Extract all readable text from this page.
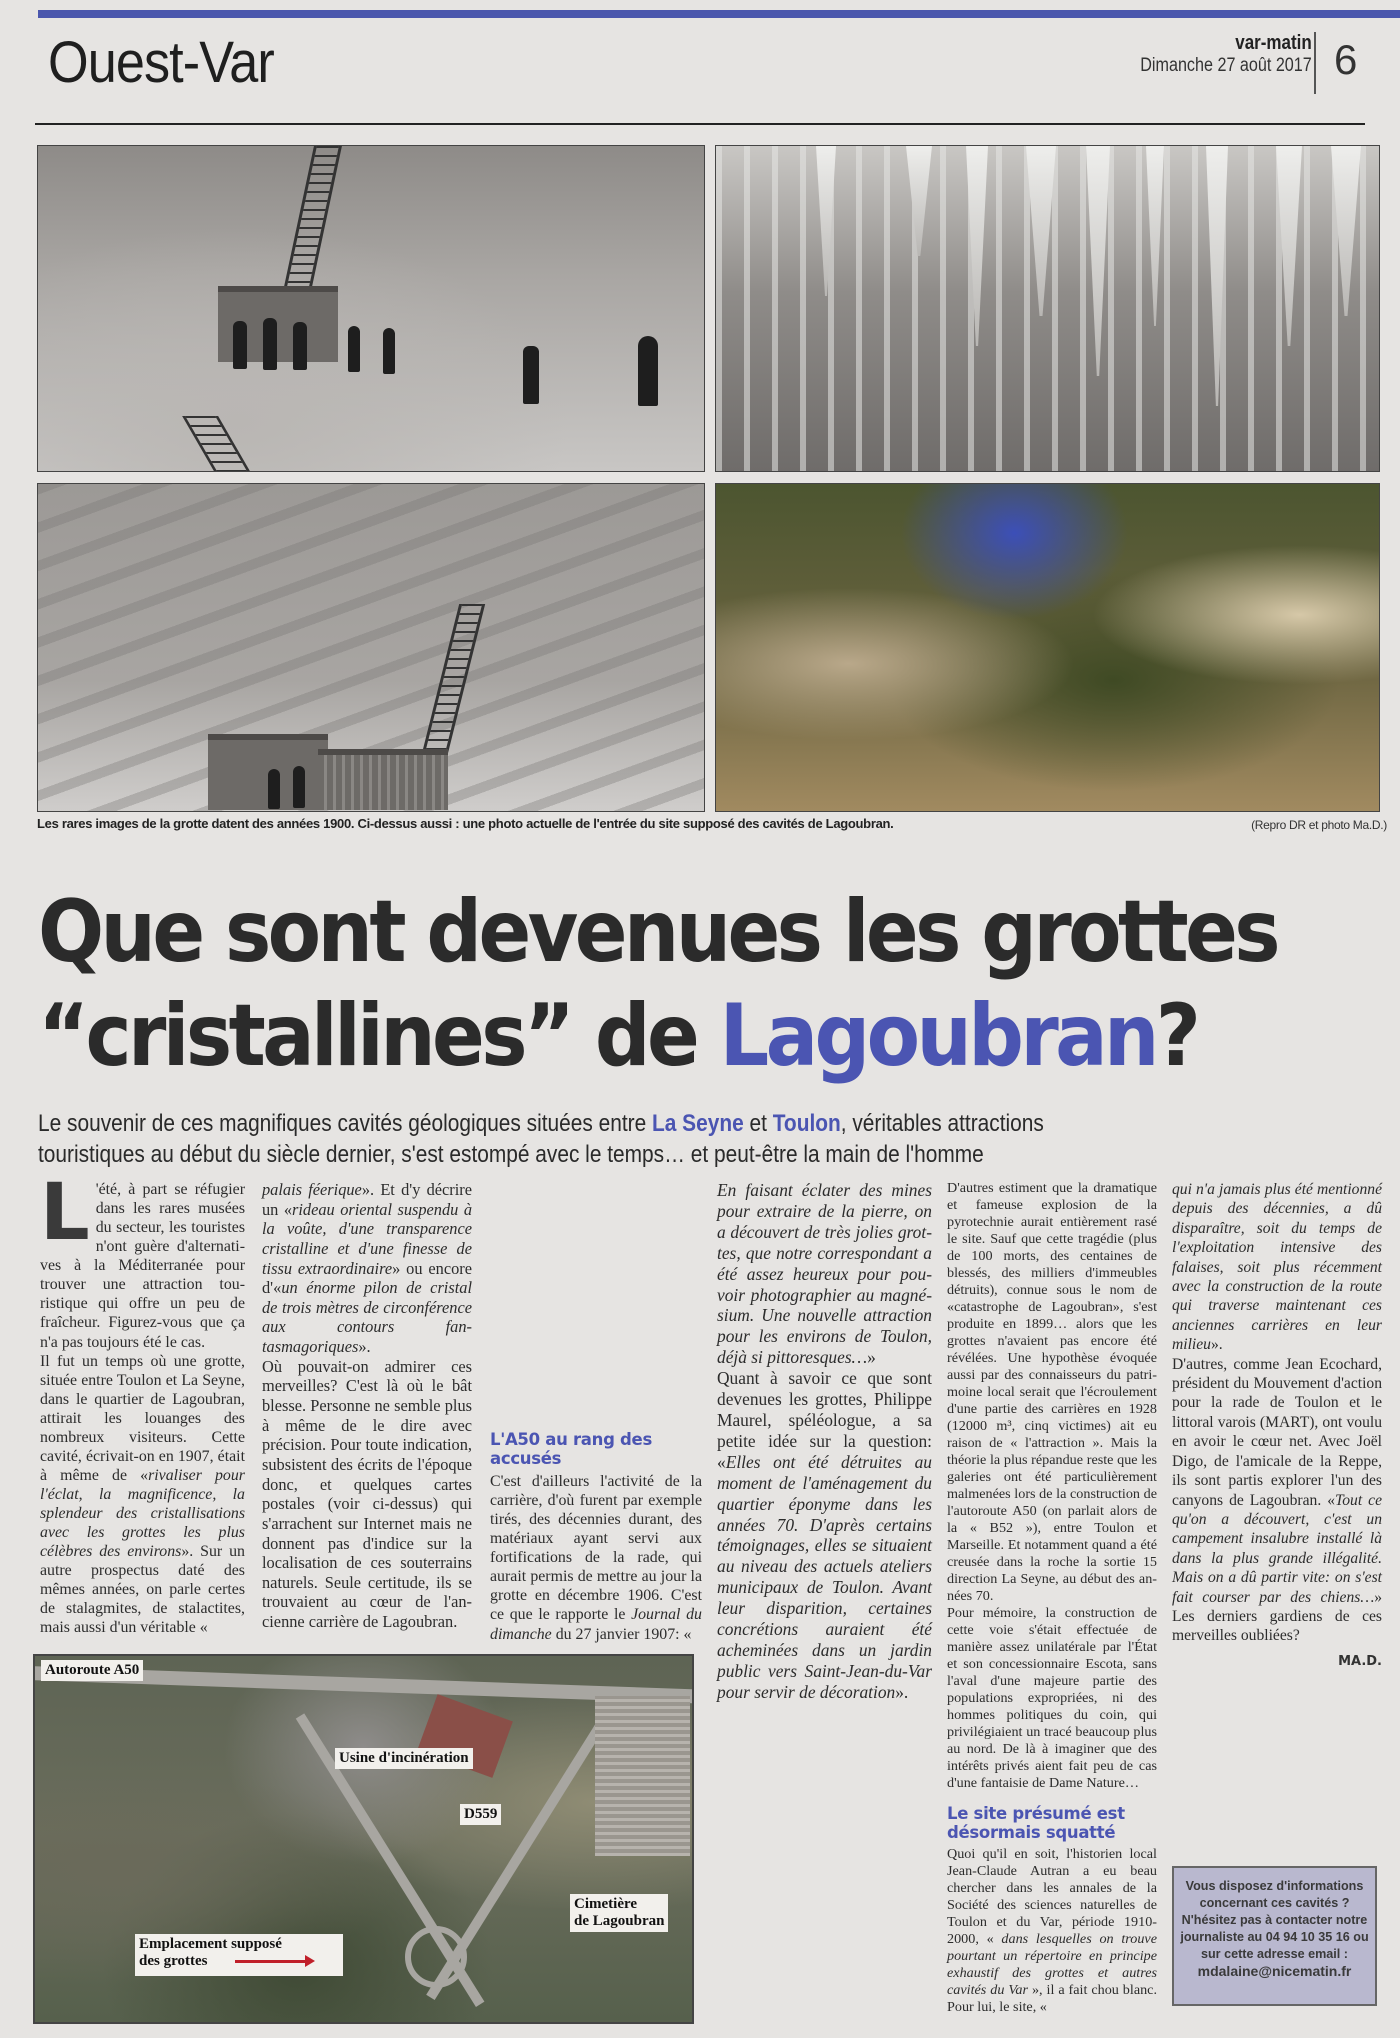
Ouest-Var	var-matin
Dimanche 27 août 2017 6
Les rares images de la grotte datent des années 1900. Ci-dessus aussi : une photo actuelle de l'entrée du site supposé des cavités de Lagoubran.	(Repro DR et photo Ma.D.)
Que sont devenues les grottes
“cristallines” de Lagoubran?
Le souvenir de ces magnifiques cavités géologiques situées entre La Seyne et Toulon, véritables attractions
touristiques au début du siècle dernier, s'est estompé avec le temps… et peut-être la main de l'homme

L 'été, à part se réfugier dans les rares musées du secteur, les touristes n'ont guère d'alternatives à la Méditerranée pour trouver une attraction touristique qui offre un peu de fraîcheur. Figurez-vous que ça n'a pas toujours été le cas.

Il fut un temps où une grotte, située entre Toulon et La Seyne, dans le quartier de Lagoubran, attirait les louanges des nombreux visiteurs. Cette cavité, écrivait-on en 1907, était à même de «rivaliser pour l'éclat, la magnificence, la splendeur des cristallisations avec les grottes les plus célèbres des environs». Sur un autre prospectus daté des mêmes années, on parle certes de stalagmites, de stalactites, mais aussi d'un véritable «

palais féerique». Et d'y décrire un «rideau oriental suspendu à la voûte, d'une transparence cristalline et d'une finesse de tissu extraordinaire» ou encore d'«un énorme pilon de cristal de trois mètres de circonférence aux contours fantasmagoriques».

Où pouvait-on admirer ces merveilles? C'est là où le bât blesse. Personne ne semble plus à même de le dire avec précision. Pour toute indication, subsistent des écrits de l'époque donc, et quelques cartes postales (voir ci-dessus) qui s'arrachent sur Internet mais ne donnent pas d'indice sur la localisation de ces souterrains naturels. Seule certitude, ils se trouvaient au cœur de l'ancienne carrière de Lagoubran.

L'A50 au rang des accusés

C'est d'ailleurs l'activité de la carrière, d'où furent par exemple tirés, des décennies durant, des matériaux ayant servi aux fortifications de la rade, qui aurait permis de mettre au jour la grotte en décembre 1906. C'est ce que le rapporte le Journal du dimanche du 27 janvier 1907: «

En faisant éclater des mines pour extraire de la pierre, on a découvert de très jolies grottes, que notre correspondant a été assez heureux pour pouvoir photographier au magnésium. Une nouvelle attraction pour les environs de Toulon, déjà si pittoresques…»

Quant à savoir ce que sont devenues les grottes, Philippe Maurel, spéléologue, a sa petite idée sur la question: «Elles ont été détruites au moment de l'aménagement du quartier éponyme dans les années 70. D'après certains témoignages, elles se situaient au niveau des actuels ateliers municipaux de Toulon. Avant leur disparition, certaines concrétions auraient été acheminées dans un jardin public vers Saint-Jean-du-Var pour servir de décoration».

D'autres estiment que la dramatique et fameuse explosion de la pyrotechnie aurait entièrement rasé le site. Sauf que cette tragédie (plus de 100 morts, des centaines de blessés, des milliers d'immeubles détruits), connue sous le nom de «catastrophe de Lagoubran», s'est produite en 1899… alors que les grottes n'avaient pas encore été révélées. Une hypothèse évoquée aussi par des connaisseurs du patrimoine local serait que l'écroulement d'une partie des carrières en 1928 (12000 m³, cinq victimes) ait eu raison de « l'attraction ». Mais la théorie la plus répandue reste que les galeries ont été particulièrement malmenées lors de la construction de l'autoroute A50 (on parlait alors de la « B52 »), entre Toulon et Marseille. Et notamment quand a été creusée dans la roche la sortie 15 direction La Seyne, au début des années 70.

Pour mémoire, la construction de cette voie s'était effectuée de manière assez unilatérale par l'État et son concessionnaire Escota, sans l'aval d'une majeure partie des populations expropriées, ni des hommes politiques du coin, qui privilégiaient un tracé beaucoup plus au nord. De là à imaginer que des intérêts privés aient fait peu de cas d'une fantaisie de Dame Nature…

Le site présumé est désormais squatté

Quoi qu'il en soit, l'historien local Jean-Claude Autran a eu beau chercher dans les annales de la Société des sciences naturelles de Toulon et du Var, période 1910-2000, « dans lesquelles on trouve pourtant un répertoire en principe exhaustif des grottes et autres cavités du Var », il a fait chou blanc. Pour lui, le site, «

qui n'a jamais plus été mentionné depuis des décennies, a dû disparaître, soit du temps de l'exploitation intensive des falaises, soit plus récemment avec la construction de la route qui traverse maintenant ces anciennes carrières en leur milieu».

D'autres, comme Jean Ecochard, président du Mouvement d'action pour la rade de Toulon et le littoral varois (MART), ont voulu en avoir le cœur net. Avec Joël Digo, de l'amicale de la Reppe, ils sont partis explorer l'un des canyons de Lagoubran. «Tout ce qu'on a découvert, c'est un campement insalubre installé là dans la plus grande illégalité. Mais on a dû partir vite: on s'est fait courser par des chiens…» Les derniers gardiens de ces merveilles oubliées?

MA.D.
Autoroute A50
Usine d'incinération
D559
Cimetière
de Lagoubran
Emplacement supposé
des grottes
Vous disposez d'informations concernant ces cavités ? N'hésitez pas à contacter notre journaliste au 04 94 10 35 16 ou sur cette adresse email :
mdalaine@nicematin.fr
